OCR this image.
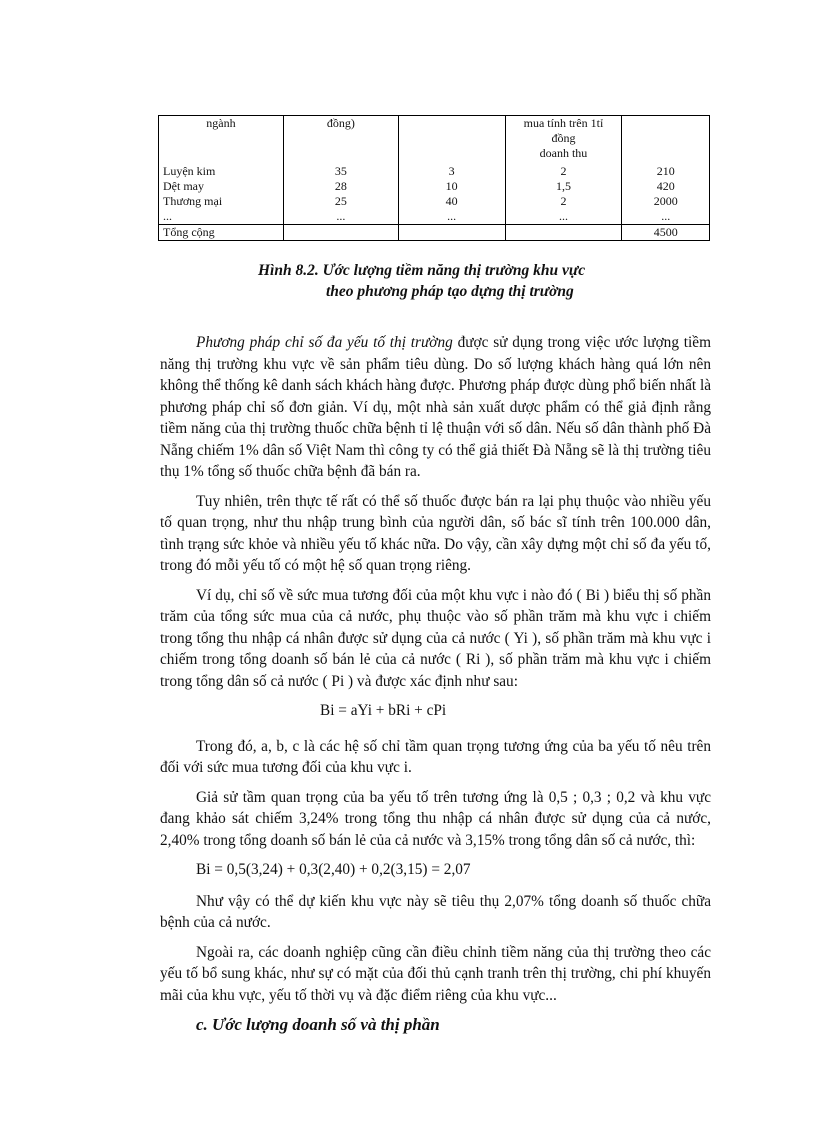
ngành	đồng)		mua tính trên 1tỉ
đồng
doanh thu	

Luyện kim	35	3	2	210
Dệt may	28	10	1,5	420
Thương mại	25	40	2	2000
...	...	...	...	...
Tổng cộng				4500
Hình 8.2. Ước lượng tiềm năng thị trường khu vực
theo phương pháp tạo dựng thị trường

Phương pháp chỉ số đa yếu tố thị trường được sử dụng trong việc ước lượng tiềm năng thị trường khu vực về sản phẩm tiêu dùng. Do số lượng khách hàng quá lớn nên không thể thống kê danh sách khách hàng được. Phương pháp được dùng phổ biến nhất là phương pháp chỉ số đơn giản. Ví dụ, một nhà sản xuất dược phẩm có thể giả định rằng tiềm năng của thị trường thuốc chữa bệnh tỉ lệ thuận với số dân. Nếu số dân thành phố Đà Nẵng chiếm 1% dân số Việt Nam thì công ty có thể giả thiết Đà Nẵng sẽ là thị trường tiêu thụ 1% tổng số thuốc chữa bệnh đã bán ra.

Tuy nhiên, trên thực tế rất có thể số thuốc được bán ra lại phụ thuộc vào nhiều yếu tố quan trọng, như thu nhập trung bình của người dân, số bác sĩ tính trên 100.000 dân, tình trạng sức khỏe và nhiều yếu tố khác nữa. Do vậy, cần xây dựng một chỉ số đa yếu tố, trong đó mỗi yếu tố có một hệ số quan trọng riêng.

Ví dụ, chỉ số về sức mua tương đối của một khu vực i nào đó ( Bi ) biểu thị số phần trăm của tổng sức mua của cả nước, phụ thuộc vào số phần trăm mà khu vực i chiếm trong tổng thu nhập cá nhân được sử dụng của cả nước ( Yi ), số phần trăm mà khu vực i chiếm trong tổng doanh số bán lẻ của cả nước ( Ri ), số phần trăm mà khu vực i chiếm trong tổng dân số cả nước ( Pi ) và được xác định như sau:

Bi = aYi + bRi + cPi

Trong đó, a, b, c là các hệ số chỉ tầm quan trọng tương ứng của ba yếu tố nêu trên đối với sức mua tương đối của khu vực i.

Giả sử tầm quan trọng của ba yếu tố trên tương ứng là 0,5 ; 0,3 ; 0,2 và khu vực đang khảo sát chiếm 3,24% trong tổng thu nhập cá nhân được sử dụng của cả nước, 2,40% trong tổng doanh số bán lẻ của cả nước và 3,15% trong tổng dân số cả nước, thì:

Bi = 0,5(3,24) + 0,3(2,40) + 0,2(3,15) = 2,07

Như vậy có thể dự kiến khu vực này sẽ tiêu thụ 2,07% tổng doanh số thuốc chữa bệnh của cả nước.

Ngoài ra, các doanh nghiệp cũng cần điều chỉnh tiềm năng của thị trường theo các yếu tố bổ sung khác, như sự có mặt của đối thủ cạnh tranh trên thị trường, chi phí khuyến mãi của khu vực, yếu tố thời vụ và đặc điểm riêng của khu vực...

c. Ước lượng doanh số và thị phần
